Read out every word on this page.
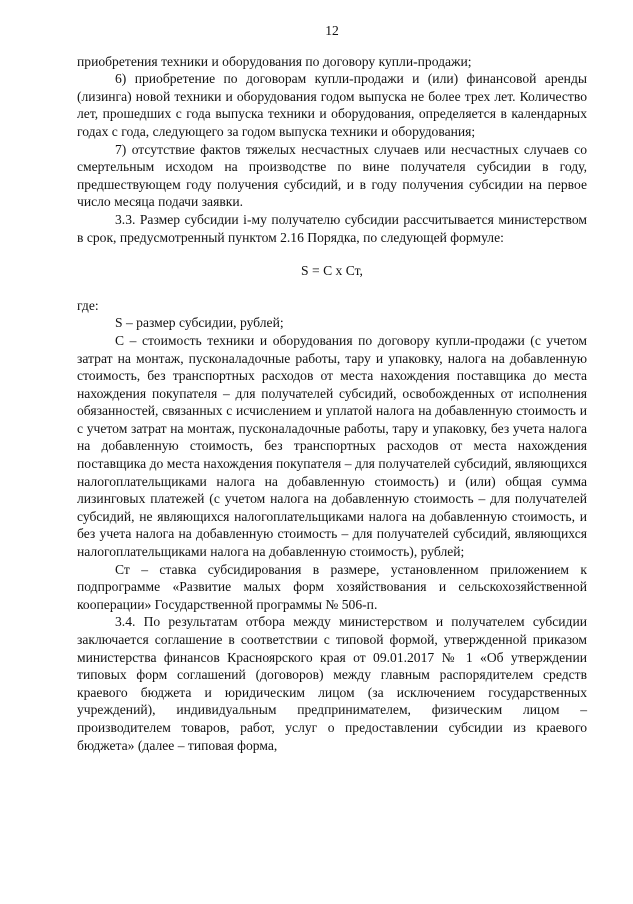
12

приобретения техники и оборудования по договору купли-продажи;

6) приобретение по договорам купли-продажи и (или) финансовой аренды (лизинга) новой техники и оборудования годом выпуска не более трех лет. Количество лет, прошедших с года выпуска техники и оборудования, определяется в календарных годах с года, следующего за годом выпуска техники и оборудования;

7) отсутствие фактов тяжелых несчастных случаев или несчастных случаев со смертельным исходом на производстве по вине получателя субсидии в году, предшествующем году получения субсидий, и в году получения субсидии на первое число месяца подачи заявки.

3.3. Размер субсидии i-му получателю субсидии рассчитывается министерством в срок, предусмотренный пунктом 2.16 Порядка, по следующей формуле:

S = C x Ст,

где:

S – размер субсидии, рублей;

С – стоимость техники и оборудования по договору купли-продажи (с учетом затрат на монтаж, пусконаладочные работы, тару и упаковку, налога на добавленную стоимость, без транспортных расходов от места нахождения поставщика до места нахождения покупателя – для получателей субсидий, освобожденных от исполнения обязанностей, связанных с исчислением и уплатой налога на добавленную стоимость и с учетом затрат на монтаж, пусконаладочные работы, тару и упаковку, без учета налога на добавленную стоимость, без транспортных расходов от места нахождения поставщика до места нахождения покупателя – для получателей субсидий, являющихся налогоплательщиками налога на добавленную стоимость) и (или) общая сумма лизинговых платежей (с учетом налога на добавленную стоимость – для получателей субсидий, не являющихся налогоплательщиками налога на добавленную стоимость, и без учета налога на добавленную стоимость – для получателей субсидий, являющихся налогоплательщиками налога на добавленную стоимость), рублей;

Ст – ставка субсидирования в размере, установленном приложением к подпрограмме «Развитие малых форм хозяйствования и сельскохозяйственной кооперации» Государственной программы № 506-п.

3.4. По результатам отбора между министерством и получателем субсидии заключается соглашение в соответствии с типовой формой, утвержденной приказом министерства финансов Красноярского края от 09.01.2017 № 1 «Об утверждении типовых форм соглашений (договоров) между главным распорядителем средств краевого бюджета и юридическим лицом (за исключением государственных учреждений), индивидуальным предпринимателем, физическим лицом – производителем товаров, работ, услуг о предоставлении субсидии из краевого бюджета» (далее – типовая форма,
